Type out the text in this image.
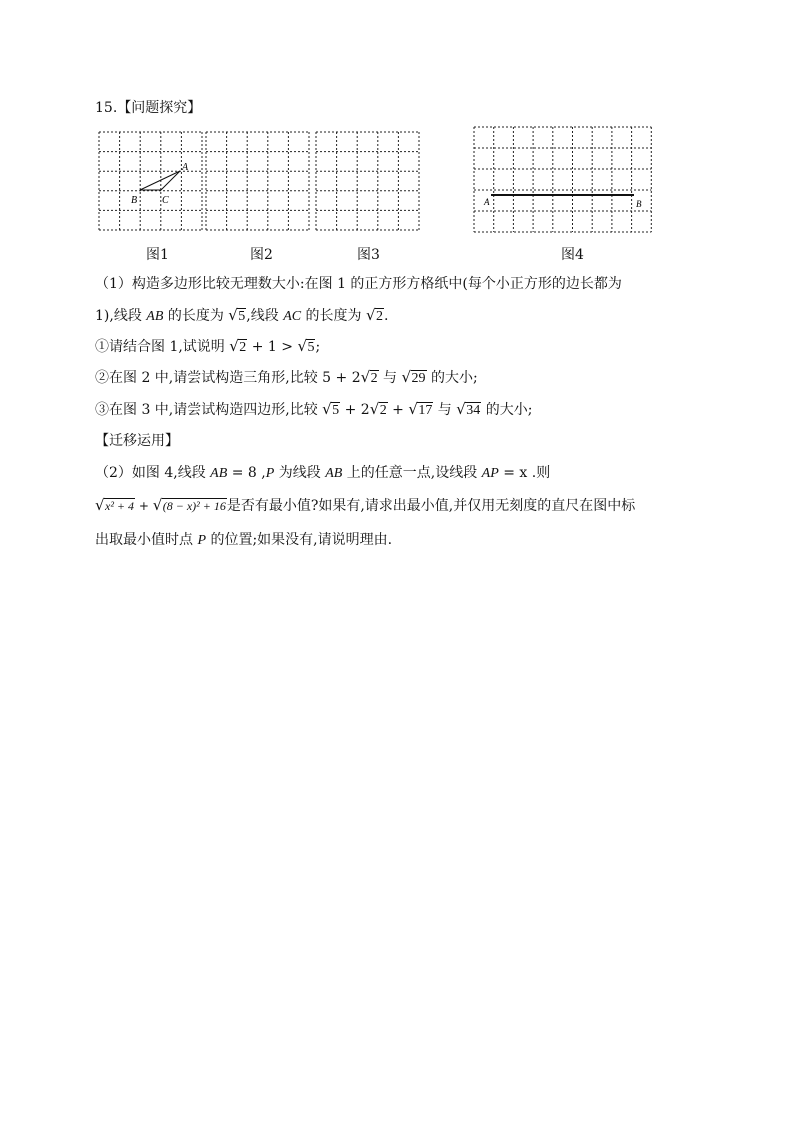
15.【问题探究】
A
B C	A	B
图1	图2	图3	图4
（1）构造多边形比较无理数大小:在图 1 的正方形方格纸中(每个小正方形的边长都为
1),线段 AB 的长度为 √ 5,线段 AC 的长度为 √ 2.
①请结合图 1,试说明 √ 2 + 1 > √ 5;
②在图 2 中,请尝试构造三角形,比较 5 + 2 √ 2 与 √ 29 的大小;
③在图 3 中,请尝试构造四边形,比较 √ 5 + 2 √ 2 + √ 17 与 √ 34 的大小;
【迁移运用】
（2）如图 4,线段 AB = 8 ,P 为线段 AB 上的任意一点,设线段 AP = x .则
√ x² + 4 + √ (8 − x)² + 16是否有最小值?如果有,请求出最小值,并仅用无刻度的直尺在图中标
出取最小值时点 P 的位置;如果没有,请说明理由.
